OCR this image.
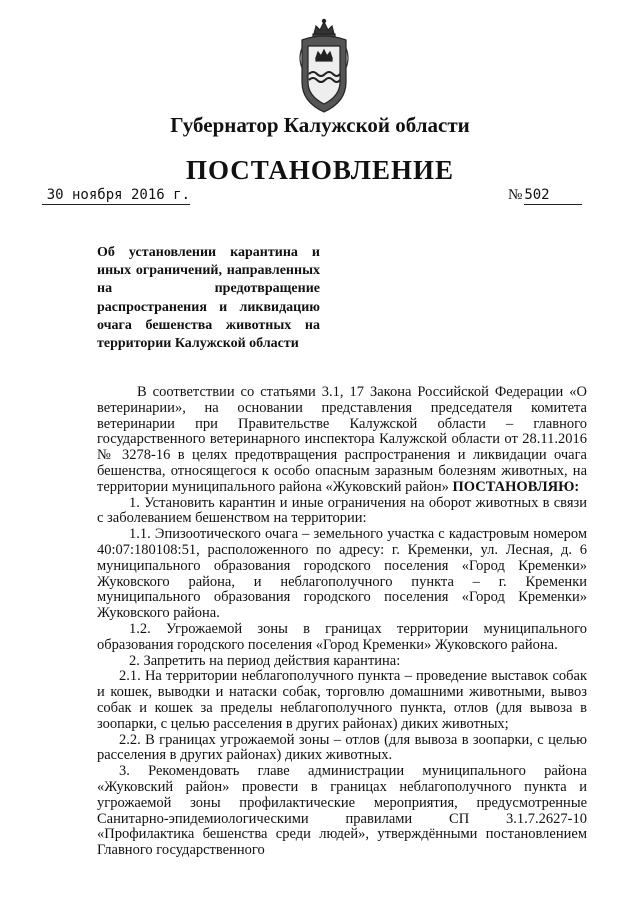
Губернатор Калужской области
ПОСТАНОВЛЕНИЕ
30 ноября 2016 г.	№ 502
Об установлении карантина и иных ограничений, направленных на предотвращение распространения и ликвидацию очага бешенства животных на территории Калужской области

В соответствии со статьями 3.1, 17 Закона Российской Федерации «О ветеринарии», на основании представления председателя комитета ветеринарии при Правительстве Калужской области – главного государственного ветеринарного инспектора Калужской области от 28.11.2016 № 3278-16 в целях предотвращения распространения и ликвидации очага бешенства, относящегося к особо опасным заразным болезням животных, на территории муниципального района «Жуковский район» ПОСТАНОВЛЯЮ:

1. Установить карантин и иные ограничения на оборот животных в связи с заболеванием бешенством на территории:

1.1. Эпизоотического очага – земельного участка с кадастровым номером 40:07:180108:51, расположенного по адресу: г. Кременки, ул. Лесная, д. 6 муниципального образования городского поселения «Город Кременки» Жуковского района, и неблагополучного пункта – г. Кременки муниципального образования городского поселения «Город Кременки» Жуковского района.

1.2. Угрожаемой зоны в границах территории муниципального образования городского поселения «Город Кременки» Жуковского района.

2. Запретить на период действия карантина:

2.1. На территории неблагополучного пункта – проведение выставок собак и кошек, выводки и натаски собак, торговлю домашними животными, вывоз собак и кошек за пределы неблагополучного пункта, отлов (для вывоза в зоопарки, с целью расселения в других районах) диких животных;

2.2. В границах угрожаемой зоны – отлов (для вывоза в зоопарки, с целью расселения в других районах) диких животных.

3. Рекомендовать главе администрации муниципального района «Жуковский район» провести в границах неблагополучного пункта и угрожаемой зоны профилактические мероприятия, предусмотренные Санитарно-эпидемиологическими правилами СП 3.1.7.2627-10 «Профилактика бешенства среди людей», утверждёнными постановлением Главного государственного
